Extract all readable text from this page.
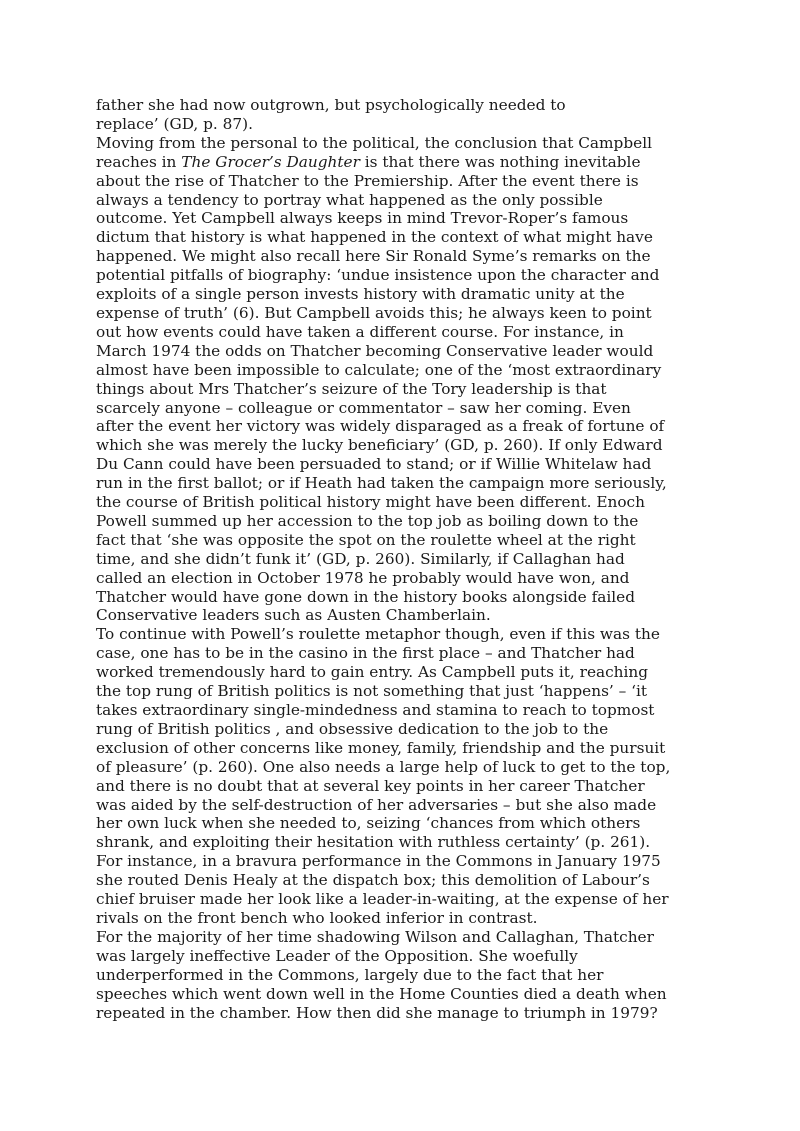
father she had now outgrown, but psychologically needed to
replace’ (GD, p. 87).
Moving from the personal to the political, the conclusion that Campbell
reaches in The Grocer’s Daughter is that there was nothing inevitable
about the rise of Thatcher to the Premiership. After the event there is
always a tendency to portray what happened as the only possible
outcome. Yet Campbell always keeps in mind Trevor-Roper’s famous
dictum that history is what happened in the context of what might have
happened. We might also recall here Sir Ronald Syme’s remarks on the
potential pitfalls of biography: ‘undue insistence upon the character and
exploits of a single person invests history with dramatic unity at the
expense of truth’ (6). But Campbell avoids this; he always keen to point
out how events could have taken a different course. For instance, in
March 1974 the odds on Thatcher becoming Conservative leader would
almost have been impossible to calculate; one of the ‘most extraordinary
things about Mrs Thatcher’s seizure of the Tory leadership is that
scarcely anyone – colleague or commentator – saw her coming. Even
after the event her victory was widely disparaged as a freak of fortune of
which she was merely the lucky beneficiary’ (GD, p. 260). If only Edward
Du Cann could have been persuaded to stand; or if Willie Whitelaw had
run in the first ballot; or if Heath had taken the campaign more seriously,
the course of British political history might have been different. Enoch
Powell summed up her accession to the top job as boiling down to the
fact that ‘she was opposite the spot on the roulette wheel at the right
time, and she didn’t funk it’ (GD, p. 260). Similarly, if Callaghan had
called an election in October 1978 he probably would have won, and
Thatcher would have gone down in the history books alongside failed
Conservative leaders such as Austen Chamberlain.
To continue with Powell’s roulette metaphor though, even if this was the
case, one has to be in the casino in the first place – and Thatcher had
worked tremendously hard to gain entry. As Campbell puts it, reaching
the top rung of British politics is not something that just ‘happens’ – ‘it
takes extraordinary single-mindedness and stamina to reach to topmost
rung of British politics , and obsessive dedication to the job to the
exclusion of other concerns like money, family, friendship and the pursuit
of pleasure’ (p. 260). One also needs a large help of luck to get to the top,
and there is no doubt that at several key points in her career Thatcher
was aided by the self-destruction of her adversaries – but she also made
her own luck when she needed to, seizing ‘chances from which others
shrank, and exploiting their hesitation with ruthless certainty’ (p. 261).
For instance, in a bravura performance in the Commons in January 1975
she routed Denis Healy at the dispatch box; this demolition of Labour’s
chief bruiser made her look like a leader-in-waiting, at the expense of her
rivals on the front bench who looked inferior in contrast.
For the majority of her time shadowing Wilson and Callaghan, Thatcher
was largely ineffective Leader of the Opposition. She woefully
underperformed in the Commons, largely due to the fact that her
speeches which went down well in the Home Counties died a death when
repeated in the chamber. How then did she manage to triumph in 1979?
